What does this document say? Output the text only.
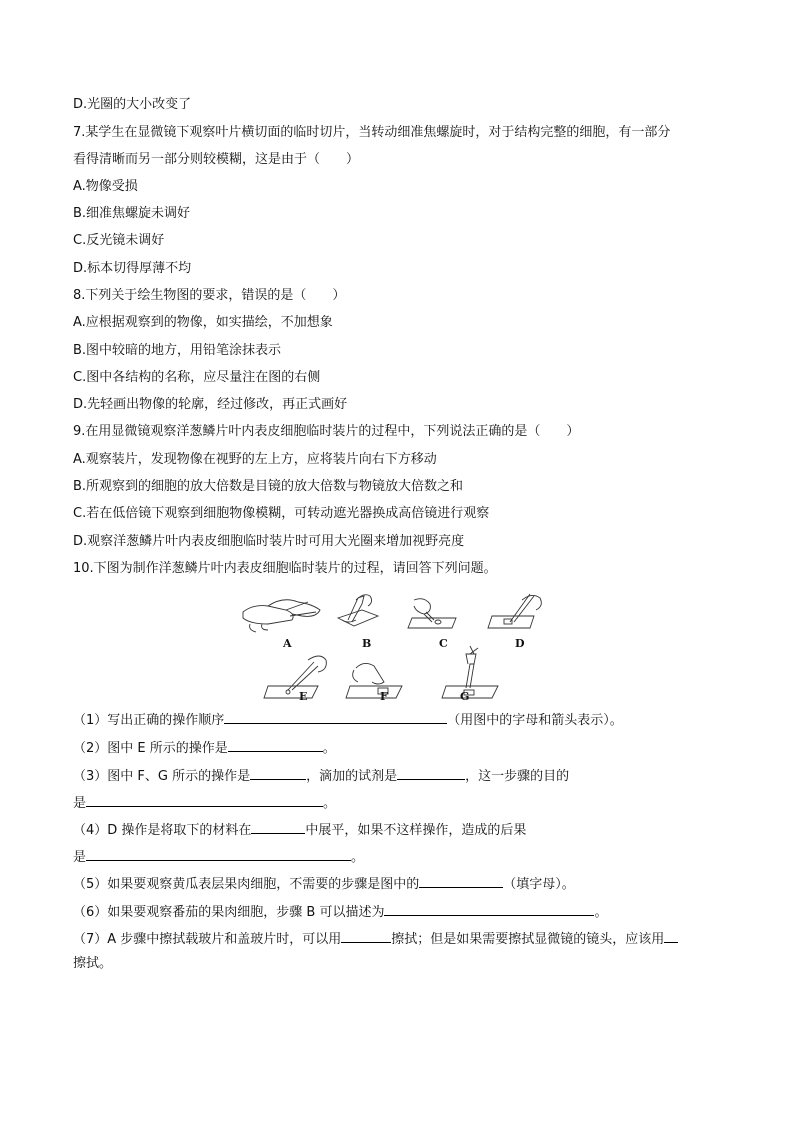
D.光圈的大小改变了
7.某学生在显微镜下观察叶片横切面的临时切片，当转动细准焦螺旋时，对于结构完整的细胞，有一部分
看得清晰而另一部分则较模糊，这是由于（　　）
A.物像受损
B.细准焦螺旋未调好
C.反光镜未调好
D.标本切得厚薄不均
8.下列关于绘生物图的要求，错误的是（　　）
A.应根据观察到的物像，如实描绘，不加想象
B.图中较暗的地方，用铅笔涂抹表示
C.图中各结构的名称，应尽量注在图的右侧
D.先轻画出物像的轮廓，经过修改，再正式画好
9.在用显微镜观察洋葱鳞片叶内表皮细胞临时装片的过程中，下列说法正确的是（　　）
A.观察装片，发现物像在视野的左上方，应将装片向右下方移动
B.所观察到的细胞的放大倍数是目镜的放大倍数与物镜放大倍数之和
C.若在低倍镜下观察到细胞物像模糊，可转动遮光器换成高倍镜进行观察
D.观察洋葱鳞片叶内表皮细胞临时装片时可用大光圈来增加视野亮度
10.下图为制作洋葱鳞片叶内表皮细胞临时装片的过程，请回答下列问题。
A	B	C	D
E	F	G
（1）写出正确的操作顺序	（用图中的字母和箭头表示）。
（2）图中 E 所示的操作是	。
（3）图中 F、G 所示的操作是	，滴加的试剂是	，这一步骤的目的
是	。
（4）D 操作是将取下的材料在	中展平，如果不这样操作，造成的后果
是	。
（5）如果要观察黄瓜表层果肉细胞，不需要的步骤是图中的	（填字母）。
（6）如果要观察番茄的果肉细胞，步骤 B 可以描述为	。
（7）A 步骤中擦拭载玻片和盖玻片时，可以用	擦拭；但是如果需要擦拭显微镜的镜头，应该用
擦拭。
